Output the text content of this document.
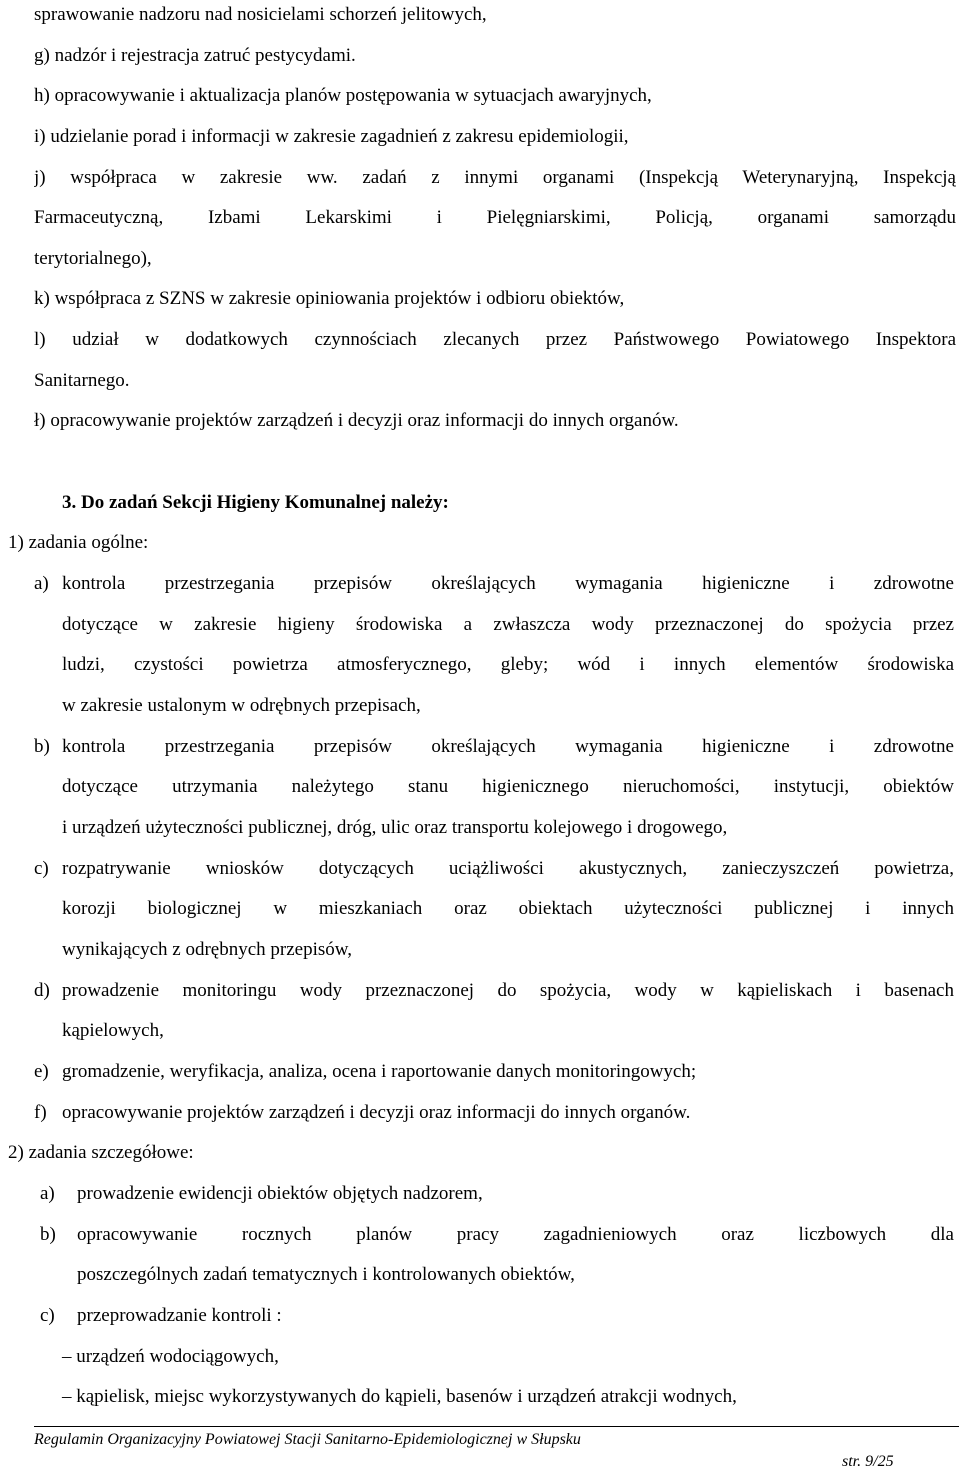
sprawowanie nadzoru nad nosicielami schorzeń jelitowych,
g) nadzór i rejestracja zatruć pestycydami.
h) opracowywanie i aktualizacja planów postępowania w sytuacjach awaryjnych,
i) udzielanie porad i informacji w zakresie zagadnień z zakresu epidemiologii,
j) współpraca w zakresie ww. zadań z innymi organami (Inspekcją Weterynaryjną, Inspekcją
Farmaceutyczną, Izbami Lekarskimi i Pielęgniarskimi, Policją, organami samorządu
terytorialnego),
k) współpraca z SZNS w zakresie opiniowania projektów i odbioru obiektów,
l) udział w dodatkowych czynnościach zlecanych przez Państwowego Powiatowego Inspektora
Sanitarnego.
ł) opracowywanie projektów zarządzeń i decyzji oraz informacji do innych organów.
3. Do zadań Sekcji Higieny Komunalnej należy:
1) zadania ogólne:
a) kontrola przestrzegania przepisów określających wymagania higieniczne i zdrowotne
dotyczące w zakresie higieny środowiska a zwłaszcza wody przeznaczonej do spożycia przez
ludzi, czystości powietrza atmosferycznego, gleby; wód i innych elementów środowiska
w zakresie ustalonym w odrębnych przepisach,
b) kontrola przestrzegania przepisów określających wymagania higieniczne i zdrowotne
dotyczące utrzymania należytego stanu higienicznego nieruchomości, instytucji, obiektów
i urządzeń użyteczności publicznej, dróg, ulic oraz transportu kolejowego i drogowego,
c) rozpatrywanie wniosków dotyczących uciążliwości akustycznych, zanieczyszczeń powietrza,
korozji biologicznej w mieszkaniach oraz obiektach użyteczności publicznej i innych
wynikających z odrębnych przepisów,
d) prowadzenie monitoringu wody przeznaczonej do spożycia, wody w kąpieliskach i basenach
kąpielowych,
e) gromadzenie, weryfikacja, analiza, ocena i raportowanie danych monitoringowych;
f) opracowywanie projektów zarządzeń i decyzji oraz informacji do innych organów.
2) zadania szczegółowe:
a) prowadzenie ewidencji obiektów objętych nadzorem,
b) opracowywanie rocznych planów pracy zagadnieniowych oraz liczbowych dla
poszczególnych zadań tematycznych i kontrolowanych obiektów,
c) przeprowadzanie kontroli :
– urządzeń wodociągowych,
– kąpielisk, miejsc wykorzystywanych do kąpieli, basenów i urządzeń atrakcji wodnych,
Regulamin Organizacyjny Powiatowej Stacji Sanitarno-Epidemiologicznej w Słupsku
str. 9/25
